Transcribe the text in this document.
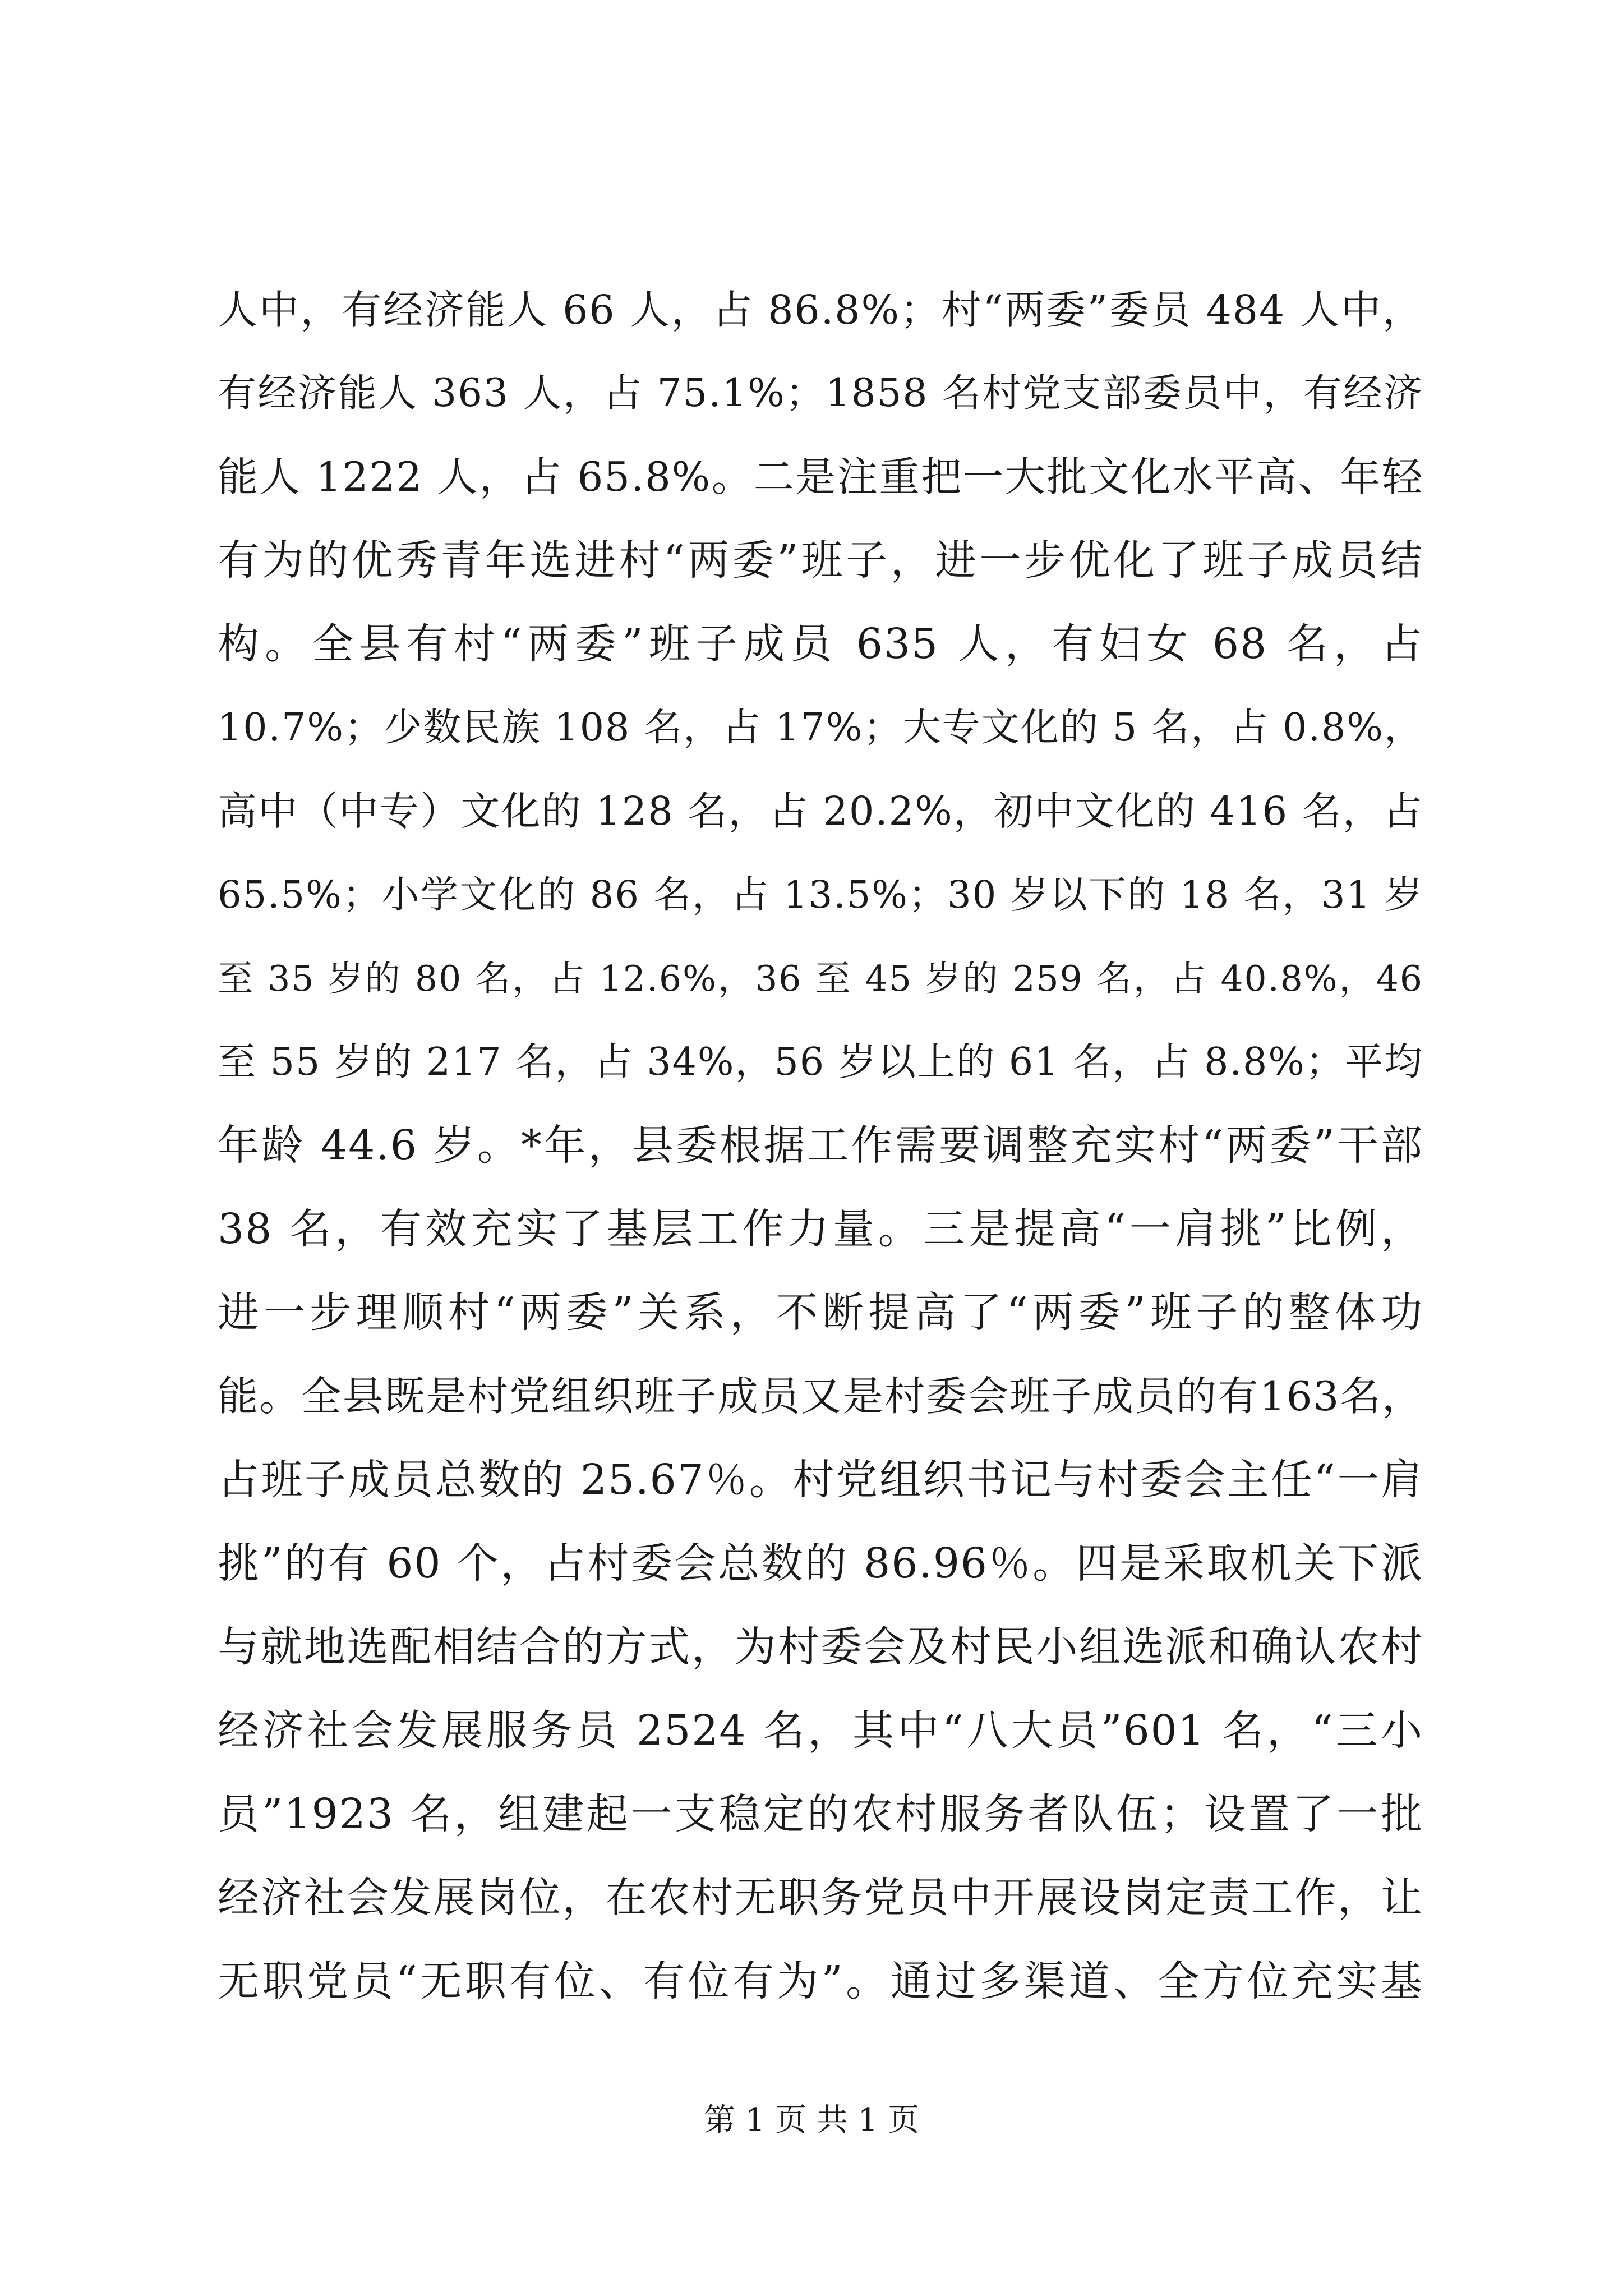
人中，有经济能人 66 人，占 86.8%；村“两委”委员 484 人中，
有经济能人 363 人，占 75.1%；1858 名村党支部委员中，有经济
能人 1222 人，占 65.8%。二是注重把一大批文化水平高、年轻
有为的优秀青年选进村“两委”班子，进一步优化了班子成员结
构。全县有村“两委”班子成员 635 人，有妇女 68 名，占
10.7%；少数民族 108 名，占 17%；大专文化的 5 名，占 0.8%，
高中（中专）文化的 128 名，占 20.2%，初中文化的 416 名，占
65.5%；小学文化的 86 名，占 13.5%；30 岁以下的 18 名，31 岁
至 35 岁的 80 名，占 12.6%，36 至 45 岁的 259 名，占 40.8%，46
至 55 岁的 217 名，占 34%，56 岁以上的 61 名，占 8.8%；平均
年龄 44.6 岁。*年，县委根据工作需要调整充实村“两委”干部
38 名，有效充实了基层工作力量。三是提高“一肩挑”比例，
进一步理顺村“两委”关系，不断提高了“两委”班子的整体功
能。全县既是村党组织班子成员又是村委会班子成员的有163名，
占班子成员总数的 25.67％。村党组织书记与村委会主任“一肩
挑”的有 60 个，占村委会总数的 86.96％。四是采取机关下派
与就地选配相结合的方式，为村委会及村民小组选派和确认农村
经济社会发展服务员 2524 名，其中“八大员”601 名，“三小
员”1923 名，组建起一支稳定的农村服务者队伍；设置了一批
经济社会发展岗位，在农村无职务党员中开展设岗定责工作，让
无职党员“无职有位、有位有为”。通过多渠道、全方位充实基
第 1 页 共 1 页
